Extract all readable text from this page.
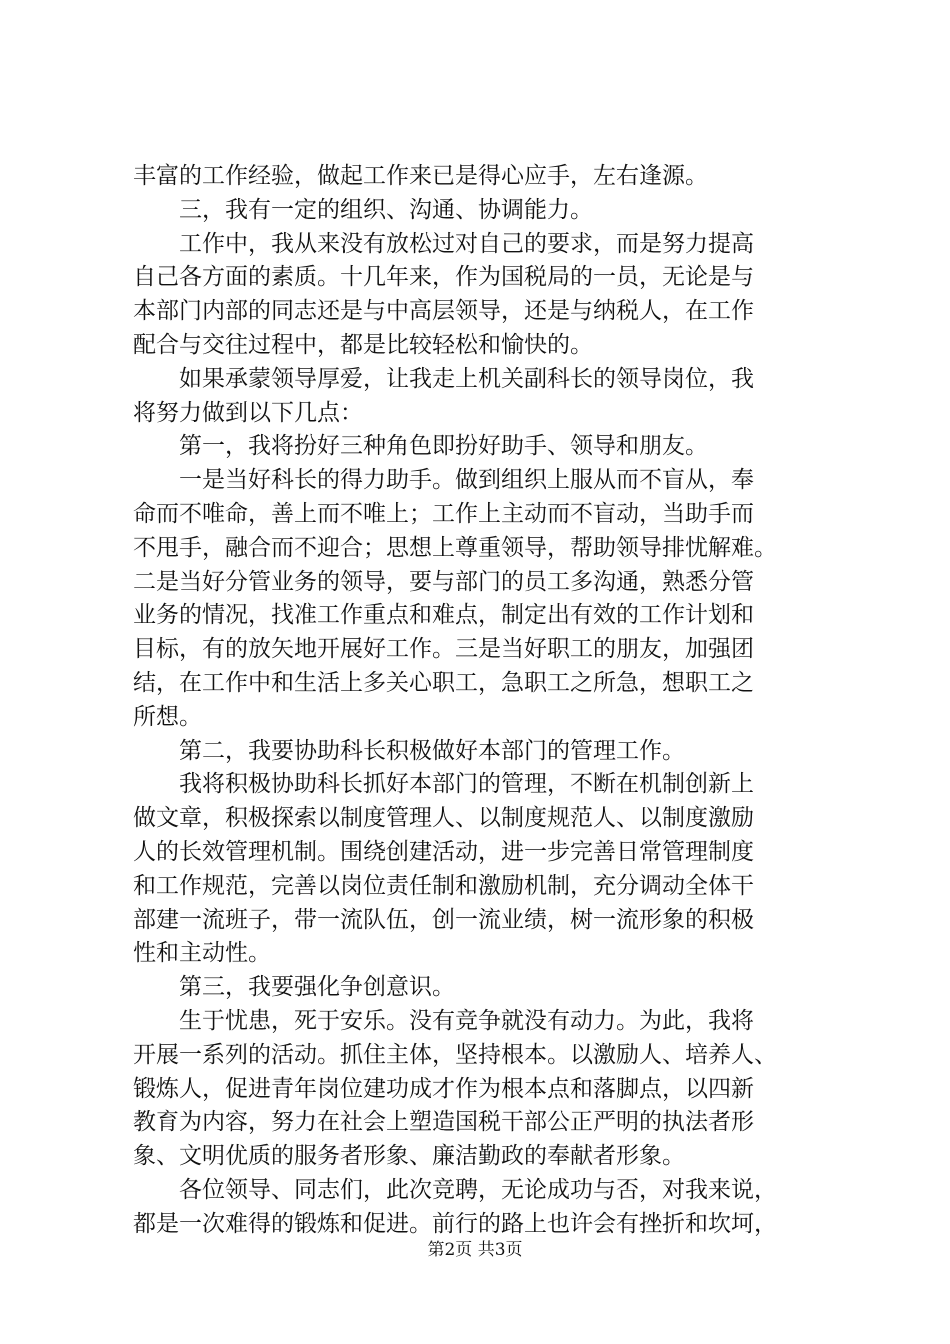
丰富的工作经验，做起工作来已是得心应手，左右逢源。
三，我有一定的组织、沟通、协调能力。
工作中，我从来没有放松过对自己的要求，而是努力提高
自己各方面的素质。十几年来，作为国税局的一员，无论是与
本部门内部的同志还是与中高层领导，还是与纳税人，在工作
配合与交往过程中，都是比较轻松和愉快的。
如果承蒙领导厚爱，让我走上机关副科长的领导岗位，我
将努力做到以下几点：
第一，我将扮好三种角色即扮好助手、领导和朋友。
一是当好科长的得力助手。做到组织上服从而不盲从，奉
命而不唯命，善上而不唯上；工作上主动而不盲动，当助手而
不甩手，融合而不迎合；思想上尊重领导，帮助领导排忧解难。
二是当好分管业务的领导，要与部门的员工多沟通，熟悉分管
业务的情况，找准工作重点和难点，制定出有效的工作计划和
目标，有的放矢地开展好工作。三是当好职工的朋友，加强团
结，在工作中和生活上多关心职工，急职工之所急，想职工之
所想。
第二，我要协助科长积极做好本部门的管理工作。
我将积极协助科长抓好本部门的管理，不断在机制创新上
做文章，积极探索以制度管理人、以制度规范人、以制度激励
人的长效管理机制。围绕创建活动，进一步完善日常管理制度
和工作规范，完善以岗位责任制和激励机制，充分调动全体干
部建一流班子，带一流队伍，创一流业绩，树一流形象的积极
性和主动性。
第三，我要强化争创意识。
生于忧患，死于安乐。没有竞争就没有动力。为此，我将
开展一系列的活动。抓住主体，坚持根本。以激励人、培养人、
锻炼人，促进青年岗位建功成才作为根本点和落脚点，以四新
教育为内容，努力在社会上塑造国税干部公正严明的执法者形
象、文明优质的服务者形象、廉洁勤政的奉献者形象。
各位领导、同志们，此次竞聘，无论成功与否，对我来说，
都是一次难得的锻炼和促进。前行的路上也许会有挫折和坎坷，
第2页 共3页
